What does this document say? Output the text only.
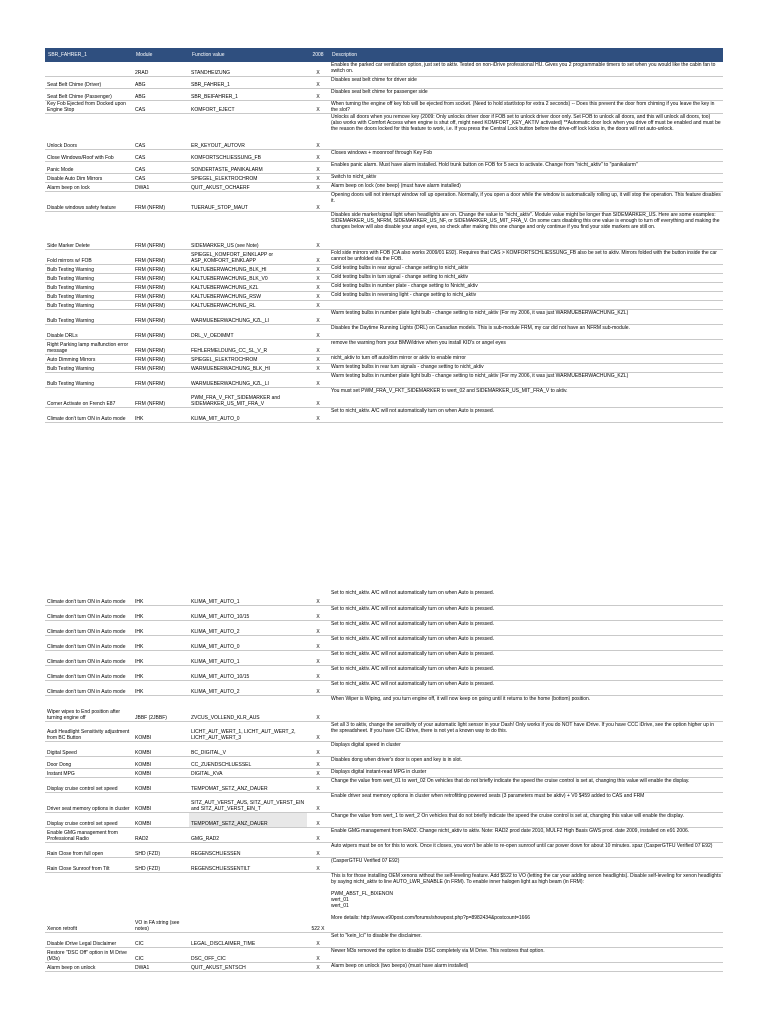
SBR_FAHRER_1	Module	Function value	2008	Description
	2RAD	STANDHEIZUNG	X	Enables the parked car ventilation option, just set to aktiv. Tested on non-iDrive professional HU. Gives you 2 programmable timers to set when you would like the cabin fan to switch on.
Seat Belt Chime (Driver)	ABG	SBR_FAHRER_1	X	Disables seat belt chime for driver side
Seat Belt Chime (Passenger)	ABG	SBR_BEIFAHRER_1	X	Disables seat belt chime for passenger side
Key Fob Ejected from Docked upon Engine Stop	CAS	KOMFORT_EJECT	X	When turning the engine off key fob will be ejected from socket. (Need to hold start/stop for extra 2 seconds) -- Does this prevent the door from chiming if you leave the key in the slot?
Unlock Doors	CAS	ER_KEYOUT_AUTOVR	X	Unlocks all doors when you remove key (2009: Only unlocks driver door if FOB set to unlock driver door only. Set FOB to unlock all doors, and this will unlock all doors, too) (also works with Comfort Access when engine is shut off, might need KOMFORT_KEY_AKTIV activated) **Automatic door lock when you drive off must be enabled and must be the reason the doors locked for this feature to work, i.e. If you press the Central Lock button before the drive-off lock kicks in, the doors will not auto-unlock.
Close Windows/Roof with Fob	CAS	KOMFORTSCHLIESSUNG_FB	X	Closes windows + moonroof through Key Fob
Panic Mode	CAS	SONDERTASTE_PANIKALARM	X	Enables panic alarm. Must have alarm installed. Hold trunk button on FOB for 5 secs to activate. Change from "nicht_aktiv" to "panikalarm"
Disable Auto Dim Mirrors	CAS	SPIEGEL_ELEKTROCHROM	X	Switch to nicht_aktiv
Alarm beep on lock	DWA1	QUIT_AKUST_OCHAERF	X	Alarm beep on lock (one beep) (must have alarm installed)
Disable windows safety feature	FRM (NFRM)	TUERAUF_STOP_MAUT	X	Opening doors will not interrupt window roll up operation. Normally, if you open a door while the window is automatically rolling up, it will stop the operation. This feature disables it.
Side Marker Delete	FRM (NFRM)	SIDEMARKER_US (see Note)	X	Disables side marker/signal light when headlights are on. Change the value to "nicht_aktiv". Module value might be longer than SIDEMARKER_US. Here are some examples: SIDEMARKER_US_NFRM, SIDEMARKER_US_NF, or SIDEMARKER_US_MIT_FRA_V. On some cars disabling this one value is enough to turn off everything and making the changes below will also disable your angel eyes, so check after making this one change and only continue if you find your side markers are still on.
Fold mirrors w/ FOB	FRM (NFRM)	SPIEGEL_KOMFORT_EINKLAPP or ASP_KOMFORT_EINKLAPP	X	Fold side mirrors with FOB (CA also works 2009/01 E92). Requires that CAS > KOMFORTSCHLIESSUNG_FB also be set to aktiv. Mirrors folded with the button inside the car cannot be unfolded via the FOB.
Bulb Testing Warning	FRM (NFRM)	KALTUEBERWACHUNG_BLK_HI	X	Cold testing bulbs in rear signal - change setting to nicht_aktiv
Bulb Testing Warning	FRM (NFRM)	KALTUEBERWACHUNG_BLK_V0	X	Cold testing bulbs in turn signal - change setting to nicht_aktiv
Bulb Testing Warning	FRM (NFRM)	KALTUEBERWACHUNG_KZL	X	Cold testing bulbs in number plate - change setting to Nnicht_aktiv
Bulb Testing Warning	FRM (NFRM)	KALTUEBERWACHUNG_RSW	X	Cold testing bulbs in reversing light - change setting to nicht_aktiv
Bulb Testing Warning	FRM (NFRM)	KALTUEBERWACHUNG_RL	X	
Bulb Testing Warning	FRM (NFRM)	WARMUEBERWACHUNG_KZL_LI	X	Warm testing bulbs in number plate light bulb - change setting to nicht_aktiv (For my 2006, it was just WARMUEBERWACHUNG_KZL)
Disable DRLs	FRM (NFRM)	DRL_V_OEDIMMT	X	Disables the Daytime Running Lights (DRL) on Canadian models. This is sub-module FRM, my car did not have an NFRM sub-module.
Right Parking lamp malfunction error message	FRM (NFRM)	FEHLERMELDUNG_CC_SL_V_R	X	remove the warning from your BMW/idrive when you install KID's or angel eyes
Auto Dimming Mirrors	FRM (NFRM)	SPIEGEL_ELEKTROCHROM	X	nicht_aktiv to turn off auto/dim mirror or aktiv to enable mirror
Bulb Testing Warning	FRM (NFRM)	WARMUEBERWACHUNG_BLK_HI	X	Warm testing bulbs in rear turn signals - change setting to nicht_aktiv
Bulb Testing Warning	FRM (NFRM)	WARMUEBERWACHUNG_KZL_LI	X	Warm testing bulbs in number plate light bulb - change setting to nicht_aktiv (For my 2006, it was just WARMUEBERWACHUNG_KZL)
Corner Activate on French E87	FRM (NFRM)	PWM_FRA_V_FKT_SIDEMARKER and SIDEMARKER_US_MIT_FRA_V	X	You must set PWM_FRA_V_FKT_SIDEMARKER to wert_02 and SIDEMARKER_US_MIT_FRA_V to aktiv.
Climate don't turn ON in Auto mode	IHK	KLIMA_MIT_AUTO_0	X	Set to nicht_aktiv. A/C will not automatically turn on when Auto is pressed.
Climate don't turn ON in Auto mode	IHK	KLIMA_MIT_AUTO_1	X	Set to nicht_aktiv. A/C will not automatically turn on when Auto is pressed.
Climate don't turn ON in Auto mode	IHK	KLIMA_MIT_AUTO_10/15	X	Set to nicht_aktiv. A/C will not automatically turn on when Auto is pressed.
Climate don't turn ON in Auto mode	IHK	KLIMA_MIT_AUTO_2	X	Set to nicht_aktiv. A/C will not automatically turn on when Auto is pressed.
Climate don't turn ON in Auto mode	IHK	KLIMA_MIT_AUTO_0	X	Set to nicht_aktiv. A/C will not automatically turn on when Auto is pressed.
Climate don't turn ON in Auto mode	IHK	KLIMA_MIT_AUTO_1	X	Set to nicht_aktiv. A/C will not automatically turn on when Auto is pressed.
Climate don't turn ON in Auto mode	IHK	KLIMA_MIT_AUTO_10/15	X	Set to nicht_aktiv. A/C will not automatically turn on when Auto is pressed.
Climate don't turn ON in Auto mode	IHK	KLIMA_MIT_AUTO_2	X	Set to nicht_aktiv. A/C will not automatically turn on when Auto is pressed.
Wiper wipes to End position after turning engine off	JBBF (2JBBF)	ZVCUS_VOLLEND_KLR_AUS	X	When Wiper is Wiping, and you turn engine off, it will now keep on going until it returns to the home (bottom) position.
Audi Headlight Sensitivity adjustment from BC Button	KOMBI	LICHT_AUT_WERT_1, LICHT_AUT_WERT_2, LICHT_AUT_WERT_3	X	Set all 3 to aktiv, change the sensitivity of your automatic light sensor in your Dash! Only works if you do NOT have iDrive. If you have CCC iDrive, see the option higher up in the spreadsheet. If you have CIC iDrive, there is not yet a known way to do this.
Digital Speed	KOMBI	BC_DIGITAL_V	X	Displays digital speed in cluster
Door Dong	KOMBI	CC_ZUENDSCHLUESSEL	X	Disables dong when driver's door is open and key is in slot.
Instant MPG	KOMBI	DIGITAL_KVA	X	Displays digital instant-read MPG in cluster
Display cruise control set speed	KOMBI	TEMPOMAT_SETZ_ANZ_DAUER	X	Change the value from wert_01 to wert_02 On vehicles that do not briefly indicate the speed the cruise control is set at, changing this value will enable the display.
Driver seat memory options in cluster	KOMBI	SITZ_AUT_VERST_AUS, SITZ_AUT_VERST_EIN and SITZ_AUT_VERST_EIN_T	X	Enable driver seat memory options in cluster when retrofitting powered seats (3 parameters must be aktiv) + V0 $459 added to CAS and FRM
Display cruise control set speed	KOMBI	TEMPOMAT_SETZ_ANZ_DAUER	X	Change the value from wert_1 to wert_2 On vehicles that do not briefly indicate the speed the cruise control is set at, changing this value will enable the display.
Enable GMG management from Professional Radio	RAD2	GMG_RAD2	X	Enable GMG management from RAD2. Change nicht_aktiv to aktiv. Note: RAD2 prod date 2010, MULF2 High Basis GWS prod. date 2009, installed on e91 2006.
Rain Close from full open	SHD (FZD)	REGENSCHLIESSEN	X	Auto wipers must be on for this to work. Once it closes, you won't be able to re-open sunroof until car power down for about 10 minutes. spaz (CasperGTFU Verified 07 E92)
Rain Close Sunroof from Tilt	SHD (FZD)	REGENSCHLIESSENTILT	X	(CasperGTFU Verified 07 E92)
Xenon retrofit	VO in FA string (see notes)		522 X	This is for those installing OEM xenons without the self-leveling feature. Add $522 to VO (letting the car your adding xenon headlights). Disable self-leveling for xenon headlights by saying nicht_aktiv to line AUTO_LWR_ENABLE (in FRM). To enable inner halogen light as high beam (in FRM):

PWM_ABST_FL_BIXENON
wert_01
wert_01

More details: http://www.e90post.com/forums/showpost.php?p=8982434&postcount=1666
Disable iDrive Legal Disclaimer	CIC	LEGAL_DISCLAIMER_TIME	X	Set to "kein_lci" to disable the disclaimer.
Restore "DSC Off" option in M Drive (M3s)	CIC	DSC_OFF_CIC	X	Newer M3s removed the option to disable DSC completely via M Drive. This restores that option.
Alarm beep on unlock	DWA1	QUIT_AKUST_ENTSCH	X	Alarm beep on unlock (two beeps) (must have alarm installed)
